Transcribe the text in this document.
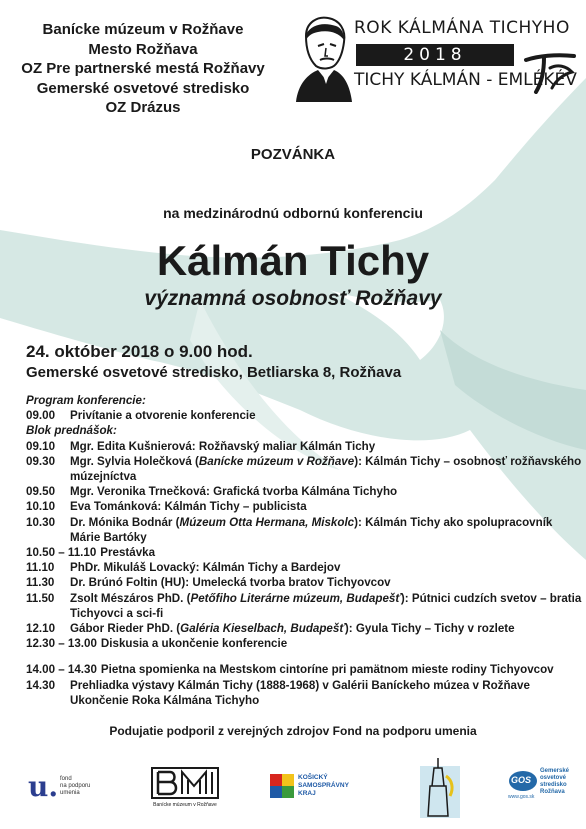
Banícke múzeum v Rožňave
Mesto Rožňava
OZ Pre partnerské mestá Rožňavy
Gemerské osvetové stredisko
OZ Drázus
ROK KÁLMÁNA TICHYHO
2018
TICHY KÁLMÁN - EMLÉKÉV
POZVÁNKA
na medzinárodnú odbornú konferenciu
Kálmán Tichy
významná osobnosť Rožňavy
24. október 2018 o 9.00 hod.
Gemerské osvetové stredisko, Betliarska 8, Rožňava
Program konferencie:
09.00	Privítanie a otvorenie konferencie
Blok prednášok:
09.10	Mgr. Edita Kušnierová: Rožňavský maliar Kálmán Tichy
09.30	Mgr. Sylvia Holečková (Banícke múzeum v Rožňave): Kálmán Tichy – osobnosť rožňavského múzejníctva
09.50	Mgr. Veronika Trnečková: Grafická tvorba Kálmána Tichyho
10.10	Eva Tománková: Kálmán Tichy – publicista
10.30	Dr. Mónika Bodnár (Múzeum Otta Hermana, Miskolc): Kálmán Tichy ako spolupracovník Márie Bartóky
10.50 – 11.10 Prestávka
11.10	PhDr. Mikuláš Lovacký: Kálmán Tichy a Bardejov
11.30	Dr. Brúnó Foltin (HU): Umelecká tvorba bratov Tichyovcov
11.50	Zsolt Mészáros PhD. (Petőfiho Literárne múzeum, Budapešť): Pútnici cudzích svetov – bratia Tichyovci a sci-fi
12.10	Gábor Rieder PhD. (Galéria Kieselbach, Budapešť): Gyula Tichy – Tichy v rozlete
12.30 – 13.00 Diskusia a ukončenie konferencie
14.00 – 14.30 Pietna spomienka na Mestskom cintoríne pri pamätnom mieste rodiny Tichyovcov
14.30	Prehliadka výstavy Kálmán Tichy (1888-1968) v Galérii Baníckeho múzea v Rožňave
Ukončenie Roka Kálmána Tichyho
Podujatie podporil z verejných zdrojov Fond na podporu umenia
u. fond
na podporu
umenia
Banícke múzeum v Rožňave
KOŠICKÝ
SAMOSPRÁVNY
KRAJ
GOS
Gemerské
osvetové
stredisko
Rožňava
www.gos.sk
